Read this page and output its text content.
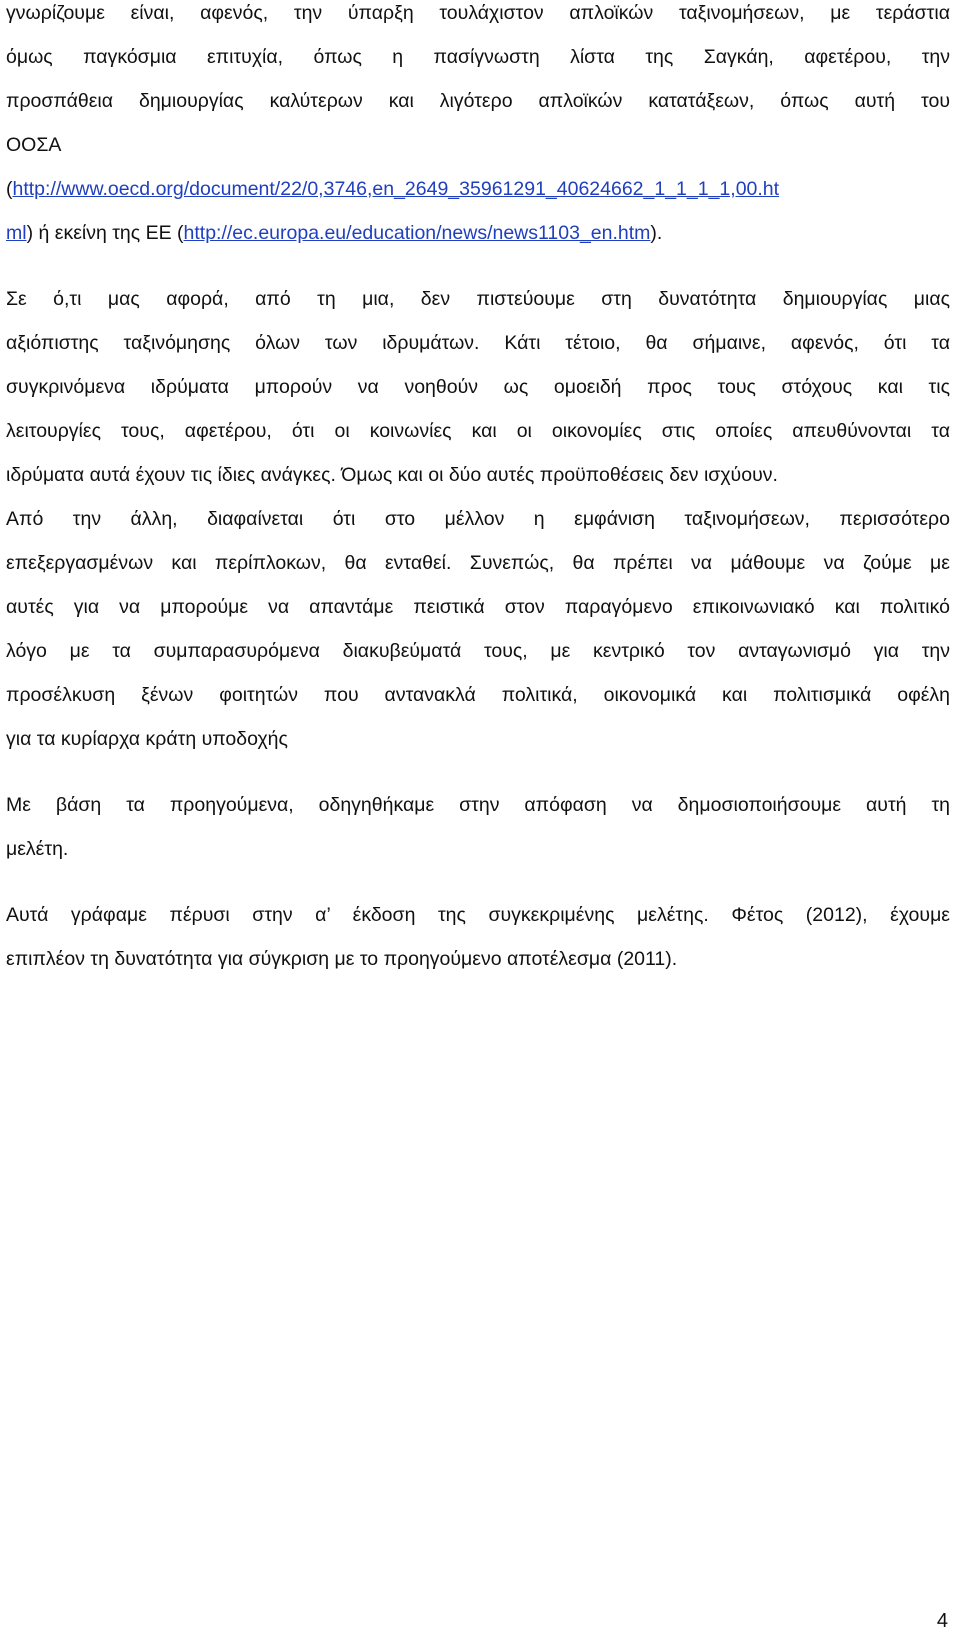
γνωρίζουμε είναι, αφενός, την ύπαρξη τουλάχιστον απλοϊκών ταξινομήσεων, με τεράστια
όμως παγκόσμια επιτυχία, όπως η πασίγνωστη λίστα της Σαγκάη, αφετέρου, την
προσπάθεια δημιουργίας καλύτερων και λιγότερο απλοϊκών κατατάξεων, όπως αυτή του
ΟΟΣΑ
(http://www.oecd.org/document/22/0,3746,en_2649_35961291_40624662_1_1_1_1,00.ht
ml) ή εκείνη της ΕΕ (http://ec.europa.eu/education/news/news1103_en.htm).
Σε ό,τι μας αφορά, από τη μια, δεν πιστεύουμε στη δυνατότητα δημιουργίας μιας
αξιόπιστης ταξινόμησης όλων των ιδρυμάτων. Κάτι τέτοιο, θα σήμαινε, αφενός, ότι τα
συγκρινόμενα ιδρύματα μπορούν να νοηθούν ως ομοειδή προς τους στόχους και τις
λειτουργίες τους, αφετέρου, ότι οι κοινωνίες και οι οικονομίες στις οποίες απευθύνονται τα
ιδρύματα αυτά έχουν τις ίδιες ανάγκες. Όμως και οι δύο αυτές προϋποθέσεις δεν ισχύουν.
Από την άλλη, διαφαίνεται ότι στο μέλλον η εμφάνιση ταξινομήσεων, περισσότερο
επεξεργασμένων και περίπλοκων, θα ενταθεί. Συνεπώς, θα πρέπει να μάθουμε να ζούμε με
αυτές για να μπορούμε να απαντάμε πειστικά στον παραγόμενο επικοινωνιακό και πολιτικό
λόγο με τα συμπαρασυρόμενα διακυβεύματά τους, με κεντρικό τον ανταγωνισμό για την
προσέλκυση ξένων φοιτητών που αντανακλά πολιτικά, οικονομικά και πολιτισμικά οφέλη
για τα κυρίαρχα κράτη υποδοχής
Με βάση τα προηγούμενα, οδηγηθήκαμε στην απόφαση να δημοσιοποιήσουμε αυτή τη
μελέτη.
Αυτά γράφαμε πέρυσι στην α’ έκδοση της συγκεκριμένης μελέτης. Φέτος (2012), έχουμε
επιπλέον τη δυνατότητα για σύγκριση με το προηγούμενο αποτέλεσμα (2011).
4
